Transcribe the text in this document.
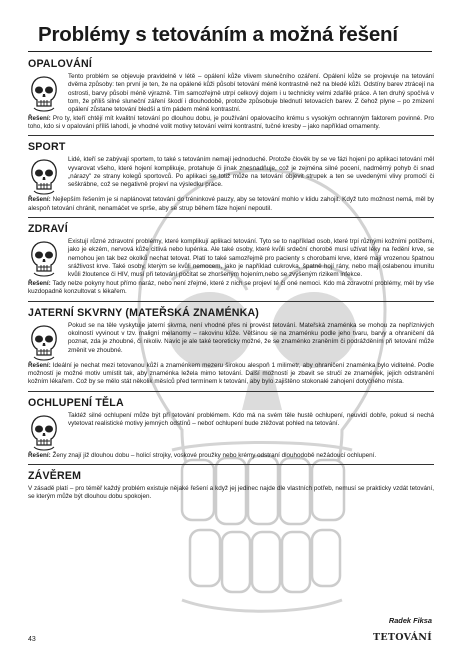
Problémy s tetováním a možná řešení
OPALOVÁNÍ

Tento problém se objevuje pravidelně v létě – opálení kůže vlivem slunečního ozáření. Opálení kůže se projevuje na tetování dvěma způsoby: ten první je ten, že na opálené kůži působí tetování méně kontrastně než na bledé kůži. Odstíny barev ztrácejí na ostrosti, barvy působí méně výrazně. Tím samozřejmě utrpí celkový dojem i u technicky velmi zdařilé práce. A ten druhý spočívá v tom, že příliš silné sluneční záření škodí i dlouhodobě, protože způsobuje blednutí tetovacích barev. Z čehož plyne – po zmizení opálení zůstane tetování bledší a tím pádem méně kontrastní.

Řešení: Pro ty, kteří chtějí mít kvalitní tetování po dlouhou dobu, je používání opalovacího krému s vysokým ochranným faktorem povinné. Pro toho, kdo si v opalování příliš lahodí, je vhodné volit motivy tetování velmi kontrastní, tučné kresby – jako například ornamenty.

SPORT

Lidé, kteří se zabývají sportem, to také s tetováním nemají jednoduché. Protože člověk by se ve fázi hojení po aplikaci tetování měl vyvarovat všeho, které hojení komplikuje, protahuje či jinak znesnadňuje, což je zejména silné pocení, nadměrný pohyb či snad „nárazy" ze strany kolegů sportovců. Po aplikaci se totiž může na tetování objevit strupek a ten se uvedenými vlivy promočí či seškrábne, což se negativně projeví na výsledku práce.

Řešení: Nejlepším řešením je si naplánovat tetování do tréninkové pauzy, aby se tetování mohlo v klidu zahojit. Když tuto možnost nemá, měl by alespoň tetování chránit, nenamáčet ve sprše, aby se strup během fáze hojení nepoutil.

ZDRAVÍ

Existují různé zdravotní problémy, které komplikují aplikaci tetování. Tyto se to například osob, které trpí různými kožními potížemi, jako je ekzém, nervová kůže citlivá nebo lupénka. Ale také osoby, které kvůli srdeční chorobě musí užívat léky na ředění krve, se nemohou jen tak bez okolků nechat tetovat. Platí to také samozřejmě pro pacienty s chorobami krve, které mají vrozenou špatnou srážlivost krve. Také osoby, kterým se kvůli nemocem, jako je například cukrovka, špatně hojí rány, nebo mají oslabenou imunitu kvůli žloutence či HIV, musí při tetování počítat se zhoršeným hojením,nebo se zvýšeným rizikem infekce.

Řešení: Tady nelze pokyny hout přímo naráz, nebo není zřejmé, které z nich se projeví té či oné nemoci. Kdo má zdravotní problémy, měl by vše kuzdopadně konzultovat s lékařem.

JATERNÍ SKVRNY (MATEŘSKÁ ZNAMÉNKA)

Pokud se na těle vyskytuje jaterní skvrna, není vhodné přes ni provést tetování. Mateřská znaménka se mohou za nepříznivých okolností vyvinout v tzv. maligní melanomy – rakovinu kůže. Většinou se na znaménku podle jeho tvaru, barvy a ohraničení dá poznat, zda je zhoubné, či nikoliv. Navíc je ale také teoreticky možné, že se znaménko zraněním či podrážděním při tetování může změnit ve zhoubné.

Řešení: Ideální je nechat mezi tetovanou kůží a znaménkem mezeru širokou alespoň 1 milimetr, aby ohraničení znaménka bylo viditelné. Podle možností je možné motiv umístit tak, aby znaménka ležela mimo tetování. Další možností je zbavit se stručí ze znamének, jejich odstranění kožním lékařem. Což by se mělo stát několik měsíců před termínem k tetování, aby bylo zajištěno stokonalé zahojení dotyčného místa.

OCHLUPENÍ TĚLA

Taktéž silné ochlupení může být při tetování problémem. Kdo má na svém těle hustě ochlupení, neuvidí dobře, pokud si nechá vytetovat realistické motivy jemných odstínů – neboť ochlupení bude ztěžovat pohled na tetování.

Řešení: Ženy znají již dlouhou dobu – holicí strojky, voskové proužky nebo krémy odstraní dlouhodobě nežádoucí ochlupení.

ZÁVĚREM

V zásadě platí – pro téměř každý problém existuje nějaké řešení a když jej jedinec najde dle vlastních potřeb, nemusí se prakticky vzdát tetování, se kterým může být dlouhou dobu spokojen.

Radek Fiksa
43	TETOVÁNÍ
